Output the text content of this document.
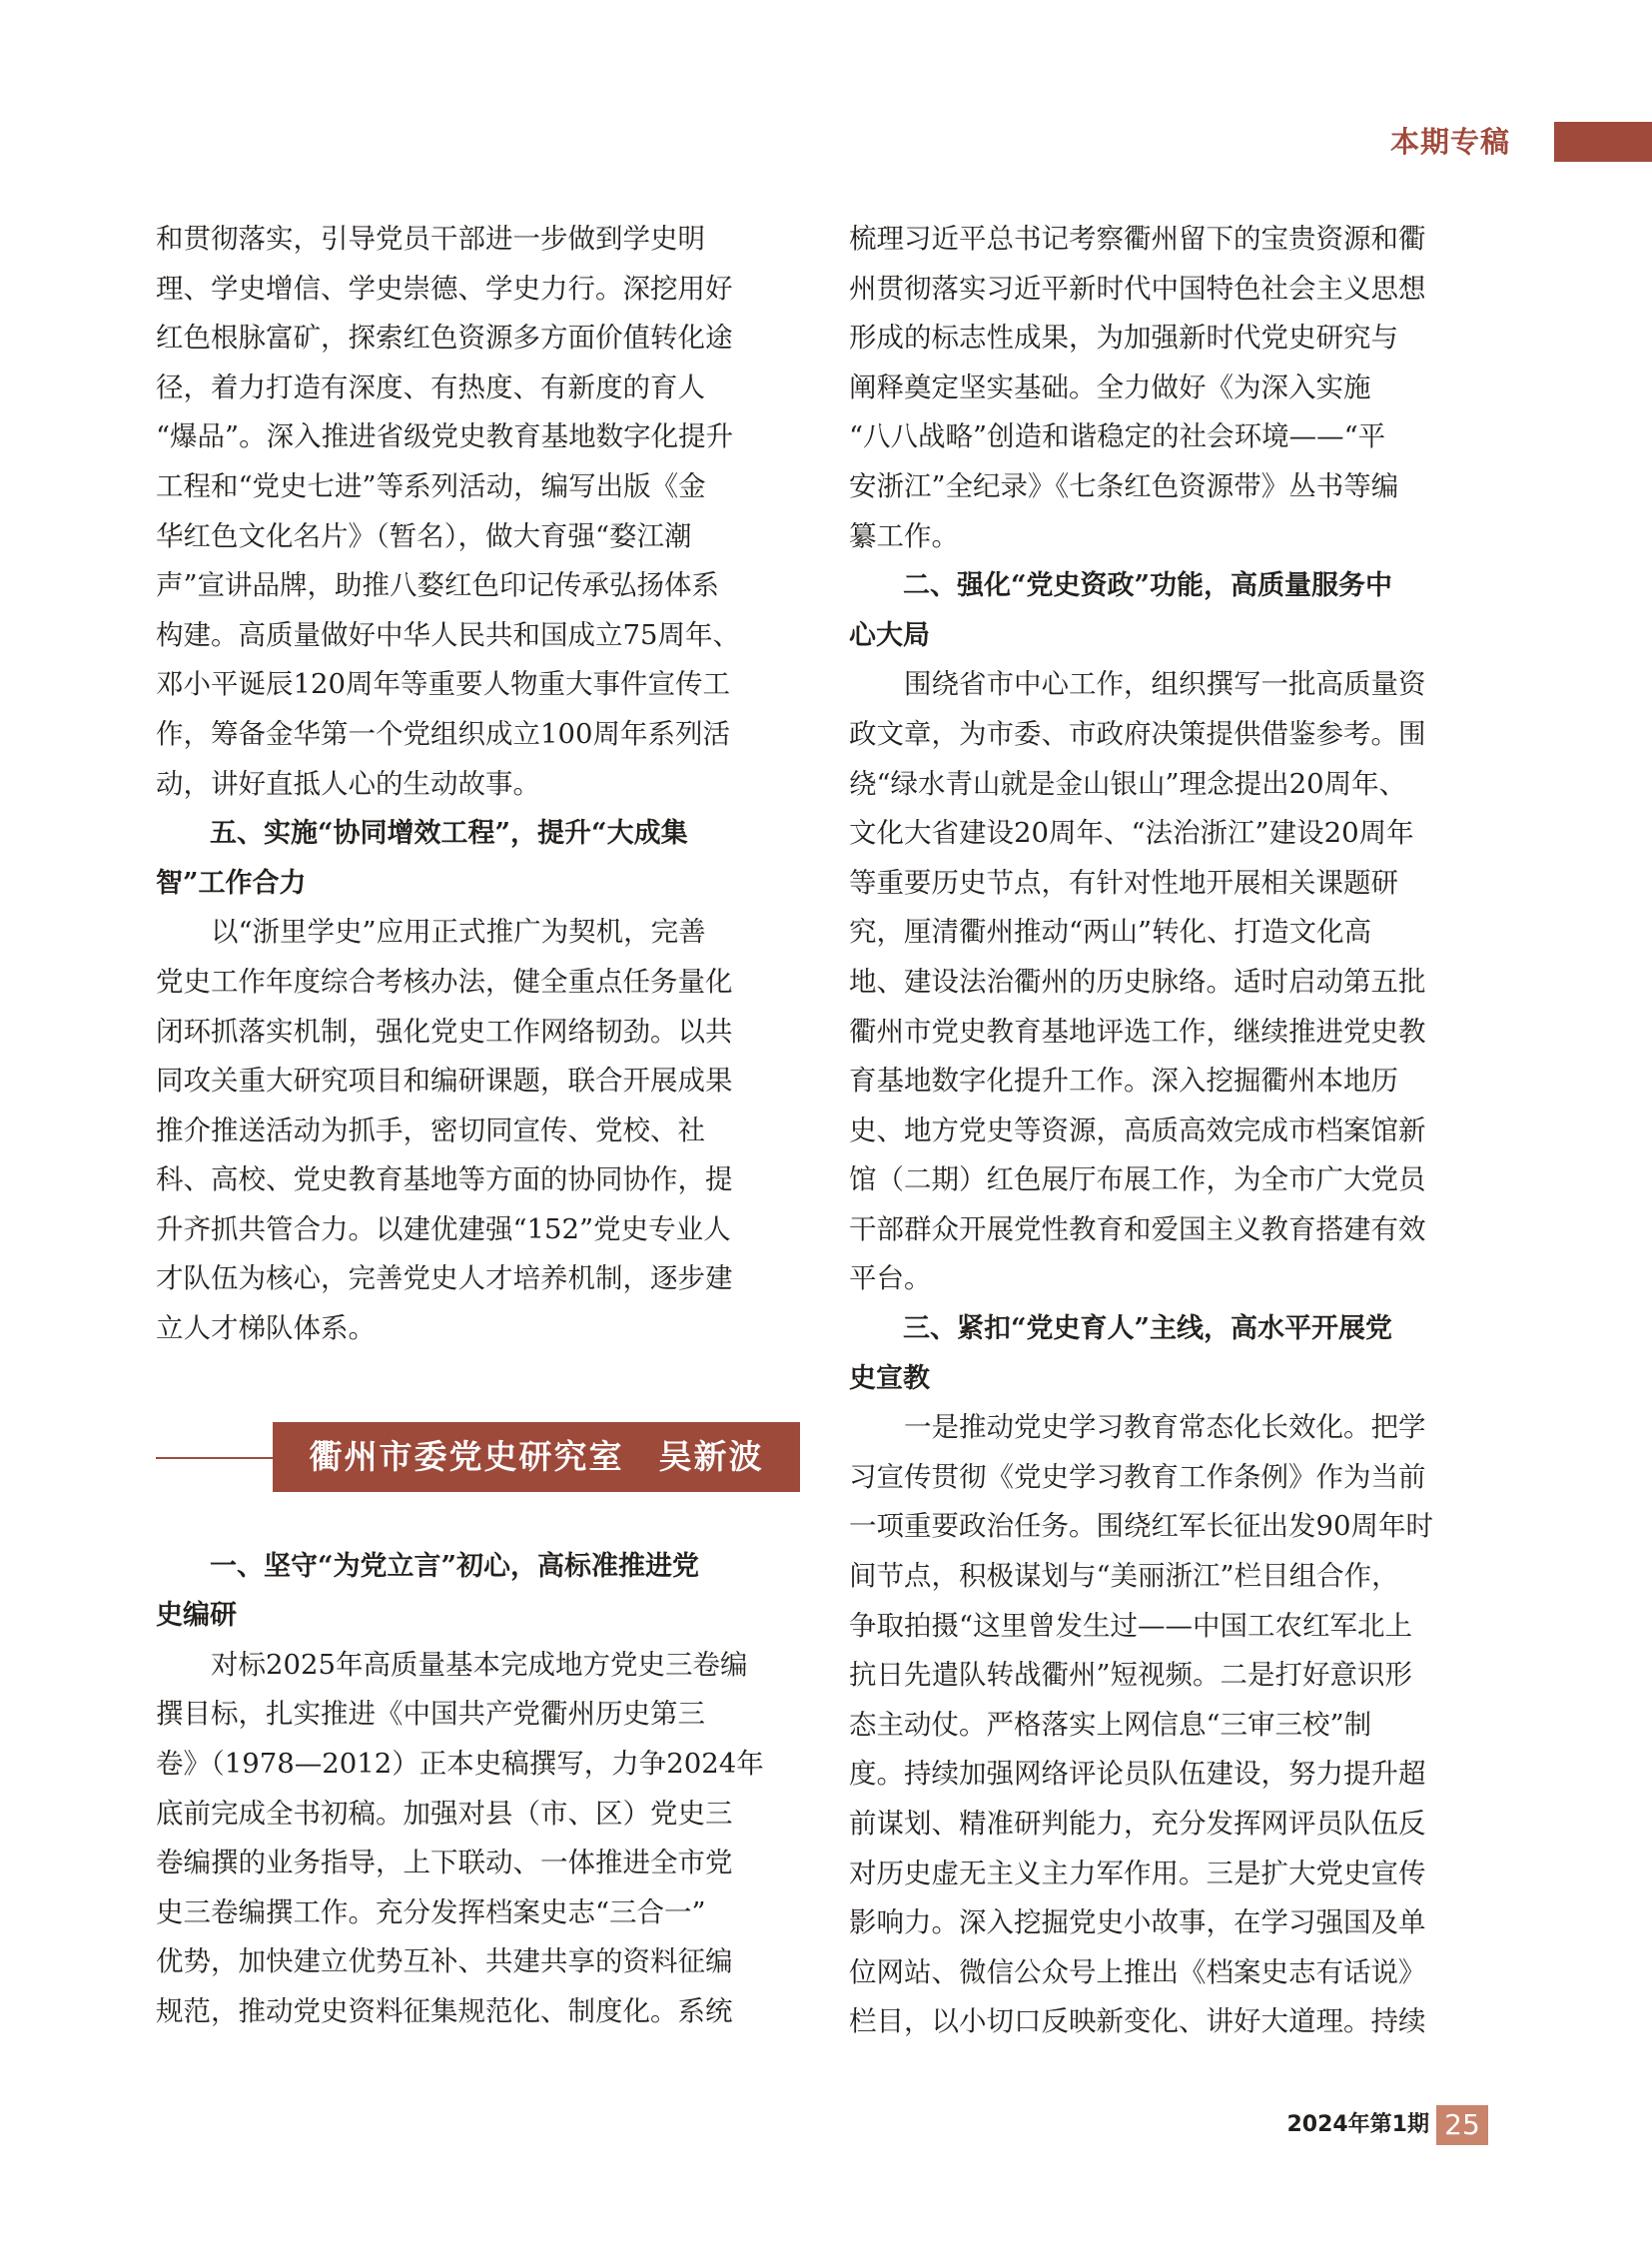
本期专稿
和贯彻落实，引导党员干部进一步做到学史明
理、学史增信、学史崇德、学史力行。深挖用好
红色根脉富矿，探索红色资源多方面价值转化途
径，着力打造有深度、有热度、有新度的育人
“爆品”。深入推进省级党史教育基地数字化提升
工程和“党史七进”等系列活动，编写出版《金
华红色文化名片》（暂名），做大育强“婺江潮
声”宣讲品牌，助推八婺红色印记传承弘扬体系
构建。高质量做好中华人民共和国成立75周年、
邓小平诞辰120周年等重要人物重大事件宣传工
作，筹备金华第一个党组织成立100周年系列活
动，讲好直抵人心的生动故事。
五、实施“协同增效工程”，提升“大成集
智”工作合力
以“浙里学史”应用正式推广为契机，完善
党史工作年度综合考核办法，健全重点任务量化
闭环抓落实机制，强化党史工作网络韧劲。以共
同攻关重大研究项目和编研课题，联合开展成果
推介推送活动为抓手，密切同宣传、党校、社
科、高校、党史教育基地等方面的协同协作，提
升齐抓共管合力。以建优建强“152”党史专业人
才队伍为核心，完善党史人才培养机制，逐步建
立人才梯队体系。
衢州市委党史研究室　吴新波
一、坚守“为党立言”初心，高标准推进党
史编研
对标2025年高质量基本完成地方党史三卷编
撰目标，扎实推进《中国共产党衢州历史第三
卷》（1978—2012）正本史稿撰写，力争2024年
底前完成全书初稿。加强对县（市、区）党史三
卷编撰的业务指导，上下联动、一体推进全市党
史三卷编撰工作。充分发挥档案史志“三合一”
优势，加快建立优势互补、共建共享的资料征编
规范，推动党史资料征集规范化、制度化。系统
梳理习近平总书记考察衢州留下的宝贵资源和衢
州贯彻落实习近平新时代中国特色社会主义思想
形成的标志性成果，为加强新时代党史研究与
阐释奠定坚实基础。全力做好《为深入实施
“八八战略”创造和谐稳定的社会环境——“平
安浙江”全纪录》《七条红色资源带》丛书等编
纂工作。
二、强化“党史资政”功能，高质量服务中
心大局
围绕省市中心工作，组织撰写一批高质量资
政文章，为市委、市政府决策提供借鉴参考。围
绕“绿水青山就是金山银山”理念提出20周年、
文化大省建设20周年、“法治浙江”建设20周年
等重要历史节点，有针对性地开展相关课题研
究，厘清衢州推动“两山”转化、打造文化高
地、建设法治衢州的历史脉络。适时启动第五批
衢州市党史教育基地评选工作，继续推进党史教
育基地数字化提升工作。深入挖掘衢州本地历
史、地方党史等资源，高质高效完成市档案馆新
馆（二期）红色展厅布展工作，为全市广大党员
干部群众开展党性教育和爱国主义教育搭建有效
平台。
三、紧扣“党史育人”主线，高水平开展党
史宣教
一是推动党史学习教育常态化长效化。把学
习宣传贯彻《党史学习教育工作条例》作为当前
一项重要政治任务。围绕红军长征出发90周年时
间节点，积极谋划与“美丽浙江”栏目组合作，
争取拍摄“这里曾发生过——中国工农红军北上
抗日先遣队转战衢州”短视频。二是打好意识形
态主动仗。严格落实上网信息“三审三校”制
度。持续加强网络评论员队伍建设，努力提升超
前谋划、精准研判能力，充分发挥网评员队伍反
对历史虚无主义主力军作用。三是扩大党史宣传
影响力。深入挖掘党史小故事，在学习强国及单
位网站、微信公众号上推出《档案史志有话说》
栏目，以小切口反映新变化、讲好大道理。持续
2024年第1期 25
